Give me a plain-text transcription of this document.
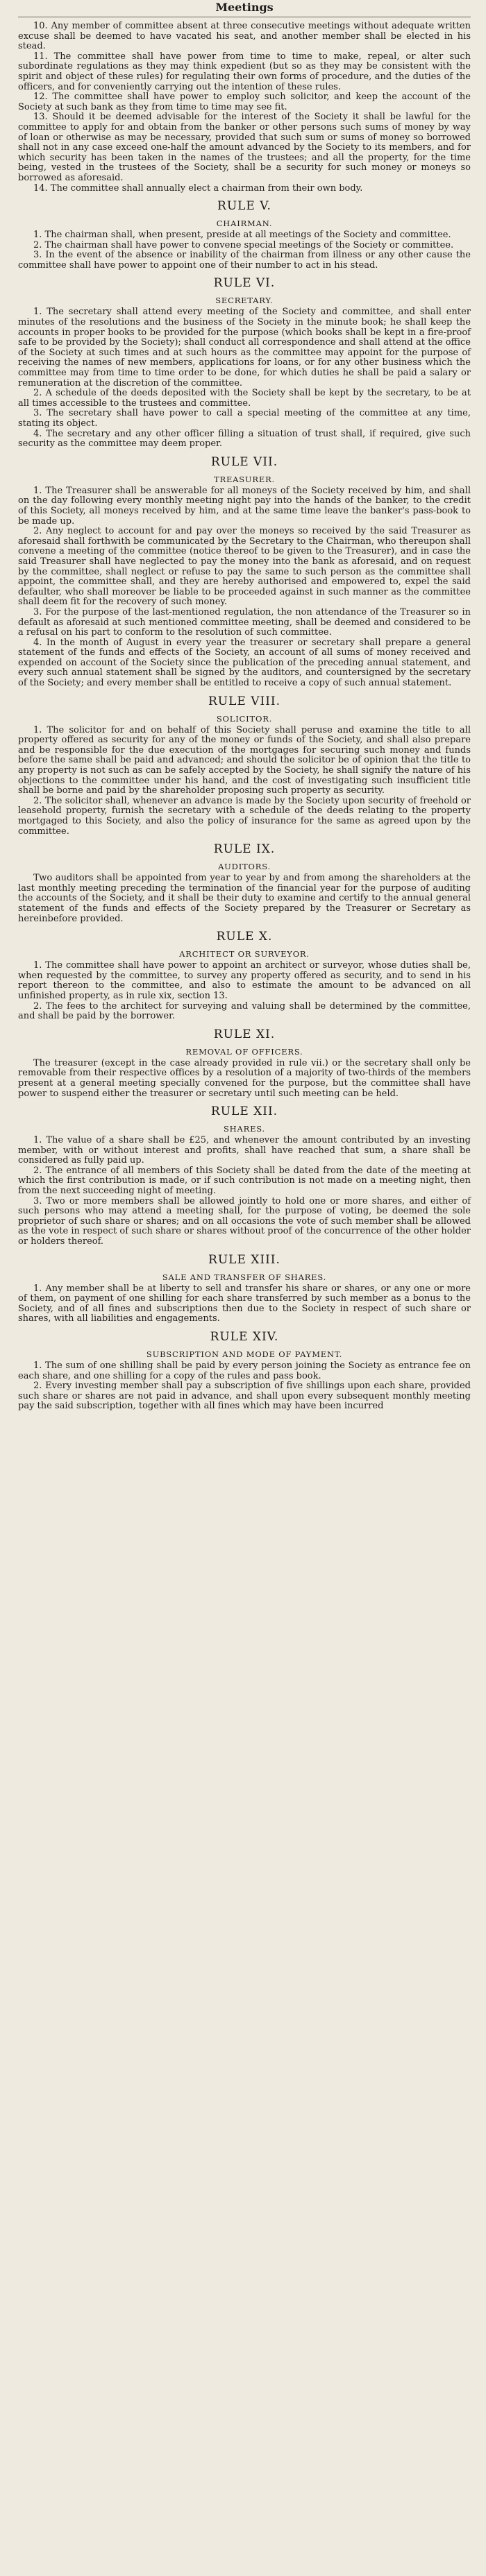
Meetings

10. Any member of committee absent at three consecutive meetings without adequate written excuse shall be deemed to have vacated his seat, and another member shall be elected in his stead.

11. The committee shall have power from time to time to make, repeal, or alter such subordinate regulations as they may think expedient (but so as they may be consistent with the spirit and object of these rules) for regulating their own forms of procedure, and the duties of the officers, and for conveniently carrying out the intention of these rules.

12. The committee shall have power to employ such solicitor, and keep the account of the Society at such bank as they from time to time may see fit.

13. Should it be deemed advisable for the interest of the Society it shall be lawful for the committee to apply for and obtain from the banker or other persons such sums of money by way of loan or otherwise as may be necessary, provided that such sum or sums of money so borrowed shall not in any case exceed one-half the amount advanced by the Society to its members, and for which security has been taken in the names of the trustees; and all the property, for the time being, vested in the trustees of the Society, shall be a security for such money or moneys so borrowed as aforesaid.

14. The committee shall annually elect a chairman from their own body.

RULE V.
CHAIRMAN.

1. The chairman shall, when present, preside at all meetings of the Society and committee.

2. The chairman shall have power to convene special meetings of the Society or committee.

3. In the event of the absence or inability of the chairman from illness or any other cause the committee shall have power to appoint one of their number to act in his stead.

RULE VI.
SECRETARY.

1. The secretary shall attend every meeting of the Society and committee, and shall enter minutes of the resolutions and the business of the Society in the minute book; he shall keep the accounts in proper books to be provided for the purpose (which books shall be kept in a fire-proof safe to be provided by the Society); shall conduct all correspondence and shall attend at the office of the Society at such times and at such hours as the committee may appoint for the purpose of receiving the names of new members, applications for loans, or for any other business which the committee may from time to time order to be done, for which duties he shall be paid a salary or remuneration at the discretion of the committee.

2. A schedule of the deeds deposited with the Society shall be kept by the secretary, to be at all times accessible to the trustees and committee.

3. The secretary shall have power to call a special meeting of the committee at any time, stating its object.

4. The secretary and any other officer filling a situation of trust shall, if required, give such security as the committee may deem proper.

RULE VII.
TREASURER.

1. The Treasurer shall be answerable for all moneys of the Society received by him, and shall on the day following every monthly meeting night pay into the hands of the banker, to the credit of this Society, all moneys received by him, and at the same time leave the banker's pass-book to be made up.

2. Any neglect to account for and pay over the moneys so received by the said Treasurer as aforesaid shall forthwith be communicated by the Secretary to the Chairman, who thereupon shall convene a meeting of the committee (notice thereof to be given to the Treasurer), and in case the said Treasurer shall have neglected to pay the money into the bank as aforesaid, and on request by the committee, shall neglect or refuse to pay the same to such person as the committee shall appoint, the committee shall, and they are hereby authorised and empowered to, expel the said defaulter, who shall moreover be liable to be proceeded against in such manner as the committee shall deem fit for the recovery of such money.

3. For the purpose of the last-mentioned regulation, the non attendance of the Treasurer so in default as aforesaid at such mentioned committee meeting, shall be deemed and considered to be a refusal on his part to conform to the resolution of such committee.

4. In the month of August in every year the treasurer or secretary shall prepare a general statement of the funds and effects of the Society, an account of all sums of money received and expended on account of the Society since the publication of the preceding annual statement, and every such annual statement shall be signed by the auditors, and countersigned by the secretary of the Society; and every member shall be entitled to receive a copy of such annual statement.

RULE VIII.
SOLICITOR.

1. The solicitor for and on behalf of this Society shall peruse and examine the title to all property offered as security for any of the money or funds of the Society, and shall also prepare and be responsible for the due execution of the mortgages for securing such money and funds before the same shall be paid and advanced; and should the solicitor be of opinion that the title to any property is not such as can be safely accepted by the Society, he shall signify the nature of his objections to the committee under his hand, and the cost of investigating such insufficient title shall be borne and paid by the shareholder proposing such property as security.

2. The solicitor shall, whenever an advance is made by the Society upon security of freehold or leasehold property, furnish the secretary with a schedule of the deeds relating to the property mortgaged to this Society, and also the policy of insurance for the same as agreed upon by the committee.

RULE IX.
AUDITORS.

Two auditors shall be appointed from year to year by and from among the shareholders at the last monthly meeting preceding the termination of the financial year for the purpose of auditing the accounts of the Society, and it shall be their duty to examine and certify to the annual general statement of the funds and effects of the Society prepared by the Treasurer or Secretary as hereinbefore provided.

RULE X.
ARCHITECT OR SURVEYOR.

1. The committee shall have power to appoint an architect or surveyor, whose duties shall be, when requested by the committee, to survey any property offered as security, and to send in his report thereon to the committee, and also to estimate the amount to be advanced on all unfinished property, as in rule xix, section 13.

2. The fees to the architect for surveying and valuing shall be determined by the committee, and shall be paid by the borrower.

RULE XI.
REMOVAL OF OFFICERS.

The treasurer (except in the case already provided in rule vii.) or the secretary shall only be removable from their respective offices by a resolution of a majority of two-thirds of the members present at a general meeting specially convened for the purpose, but the committee shall have power to suspend either the treasurer or secretary until such meeting can be held.

RULE XII.
SHARES.

1. The value of a share shall be £25, and whenever the amount contributed by an investing member, with or without interest and profits, shall have reached that sum, a share shall be considered as fully paid up.

2. The entrance of all members of this Society shall be dated from the date of the meeting at which the first contribution is made, or if such contribution is not made on a meeting night, then from the next succeeding night of meeting.

3. Two or more members shall be allowed jointly to hold one or more shares, and either of such persons who may attend a meeting shall, for the purpose of voting, be deemed the sole proprietor of such share or shares; and on all occasions the vote of such member shall be allowed as the vote in respect of such share or shares without proof of the concurrence of the other holder or holders thereof.

RULE XIII.
SALE AND TRANSFER OF SHARES.

1. Any member shall be at liberty to sell and transfer his share or shares, or any one or more of them, on payment of one shilling for each share transferred by such member as a bonus to the Society, and of all fines and subscriptions then due to the Society in respect of such share or shares, with all liabilities and engagements.

RULE XIV.
SUBSCRIPTION AND MODE OF PAYMENT.

1. The sum of one shilling shall be paid by every person joining the Society as entrance fee on each share, and one shilling for a copy of the rules and pass book.

2. Every investing member shall pay a subscription of five shillings upon each share, provided such share or shares are not paid in advance, and shall upon every subsequent monthly meeting pay the said subscription, together with all fines which may have been incurred
